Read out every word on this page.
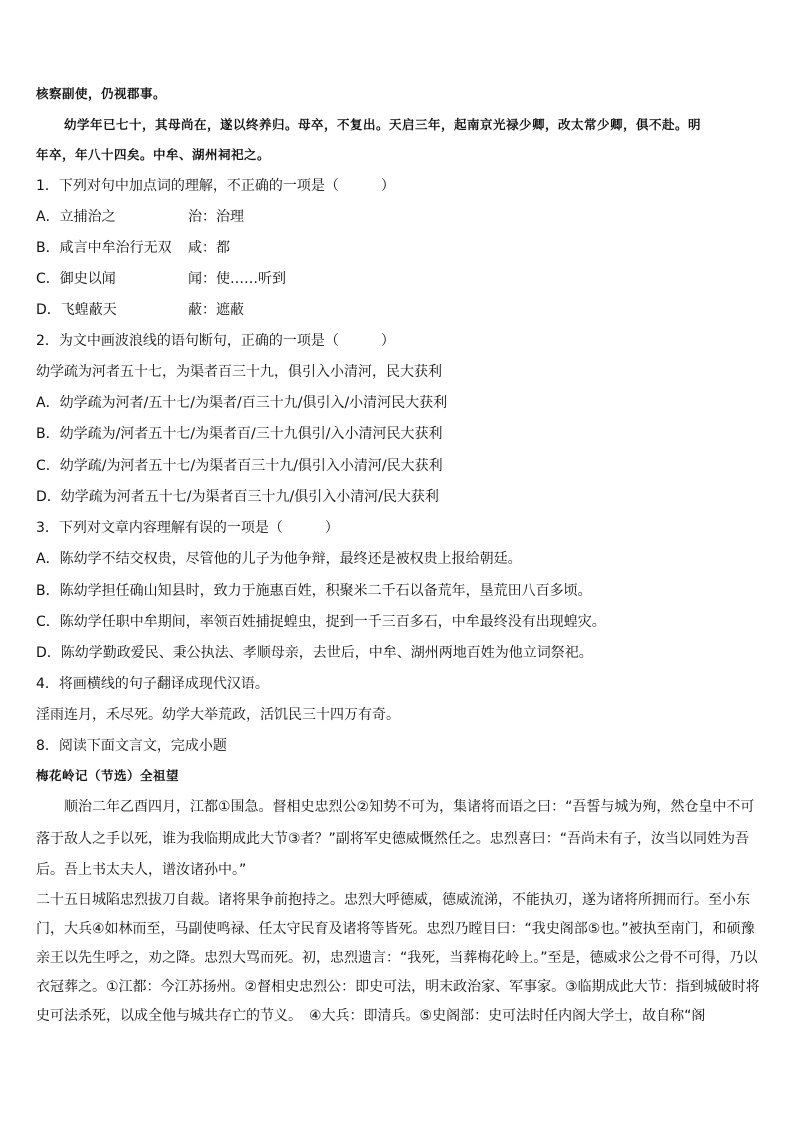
核察副使，仍视郡事。
幼学年已七十，其母尚在，遂以终养归。母卒，不复出。天启三年，起南京光禄少卿，改太常少卿，俱不赴。明
年卒，年八十四矣。中牟、湖州祠祀之。
1．下列对句中加点词的理解，不正确的一项是（　　　）
A．立捕治之	治：治理
B．咸言中牟治行无双 咸：都
C．御史以闻	闻：使……听到
D．飞蝗蔽天	蔽：遮蔽
2．为文中画波浪线的语句断句，正确的一项是（　　　）
幼学疏为河者五十七，为渠者百三十九，俱引入小清河，民大获利
A．幼学疏为河者/五十七/为渠者/百三十九/俱引入/小清河民大获利
B．幼学疏为/河者五十七/为渠者百/三十九俱引/入小清河民大获利
C．幼学疏/为河者五十七/为渠者百三十九/俱引入小清河/民大获利
D．幼学疏为河者五十七/为渠者百三十九/俱引入小清河/民大获利
3．下列对文章内容理解有误的一项是（　　　）
A．陈幼学不结交权贵，尽管他的儿子为他争辩，最终还是被权贵上报给朝廷。
B．陈幼学担任确山知县时，致力于施惠百姓，积聚米二千石以备荒年，垦荒田八百多顷。
C．陈幼学任职中牟期间，率领百姓捕捉蝗虫，捉到一千三百多石，中牟最终没有出现蝗灾。
D．陈幼学勤政爱民、秉公执法、孝顺母亲，去世后，中牟、湖州两地百姓为他立词祭祀。
4．将画横线的句子翻译成现代汉语。
淫雨连月，禾尽死。幼学大举荒政，活饥民三十四万有奇。
8．阅读下面文言文，完成小题
梅花岭记（节选）全祖望
顺治二年乙酉四月，江都①围急。督相史忠烈公②知势不可为，集诸将而语之曰：“吾誓与城为殉，然仓皇中不可
落于敌人之手以死，谁为我临期成此大节③者？”副将军史德威慨然任之。忠烈喜曰：“吾尚未有子，汝当以同姓为吾
后。吾上书太夫人，谱汝诸孙中。”
二十五日城陷忠烈拔刀自裁。诸将果争前抱持之。忠烈大呼德威，德威流涕，不能执刃，遂为诸将所拥而行。至小东门，大兵④如林而至，马副使鸣禄、任太守民育及诸将等皆死。忠烈乃瞠目曰：“我史阁部⑤也。”被执至南门，和硕豫亲王以先生呼之，劝之降。忠烈大骂而死。初，忠烈遗言：“我死，当葬梅花岭上。”至是，德威求公之骨不可得，乃以衣冠葬之。①江都：今江苏扬州。②督相史忠烈公：即史可法，明末政治家、军事家。③临期成此大节：指到城破时将史可法杀死，以成全他与城共存亡的节义。　④大兵：即清兵。⑤史阁部：史可法时任内阁大学士，故自称“阁
